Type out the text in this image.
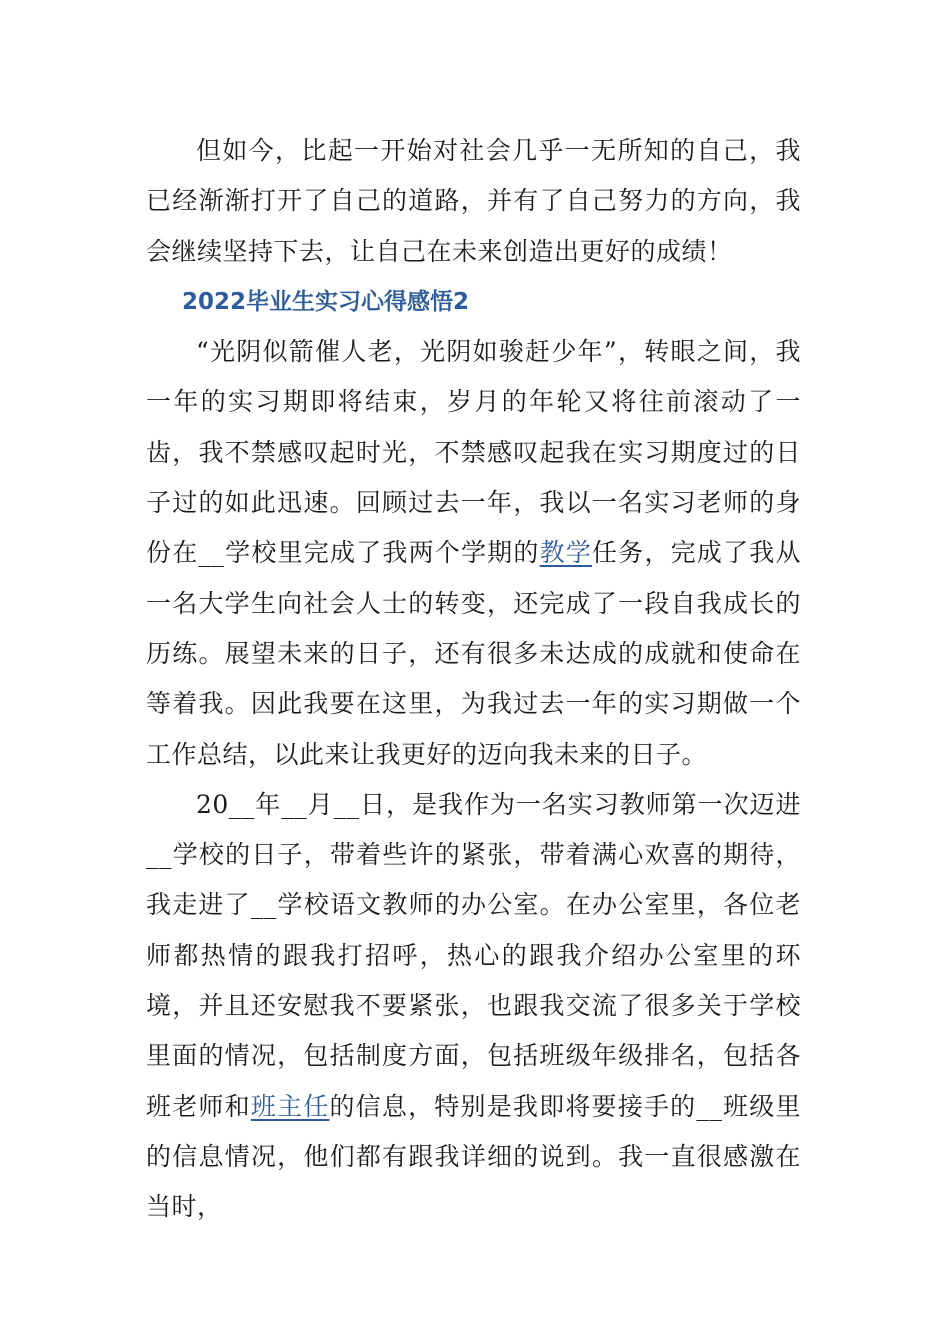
但如今，比起一开始对社会几乎一无所知的自己，我已经渐渐打开了自己的道路，并有了自己努力的方向，我会继续坚持下去，让自己在未来创造出更好的成绩！

2022毕业生实习心得感悟2

“光阴似箭催人老，光阴如骏赶少年”，转眼之间，我一年的实习期即将结束，岁月的年轮又将往前滚动了一齿，我不禁感叹起时光，不禁感叹起我在实习期度过的日子过的如此迅速。回顾过去一年，我以一名实习老师的身份在__学校里完成了我两个学期的教学任务，完成了我从一名大学生向社会人士的转变，还完成了一段自我成长的历练。展望未来的日子，还有很多未达成的成就和使命在等着我。因此我要在这里，为我过去一年的实习期做一个工作总结，以此来让我更好的迈向我未来的日子。

20__年__月__日，是我作为一名实习教师第一次迈进__学校的日子，带着些许的紧张，带着满心欢喜的期待，我走进了__学校语文教师的办公室。在办公室里，各位老师都热情的跟我打招呼，热心的跟我介绍办公室里的环境，并且还安慰我不要紧张，也跟我交流了很多关于学校里面的情况，包括制度方面，包括班级年级排名，包括各班老师和班主任的信息，特别是我即将要接手的__班级里的信息情况，他们都有跟我详细的说到。我一直很感激在当时，
